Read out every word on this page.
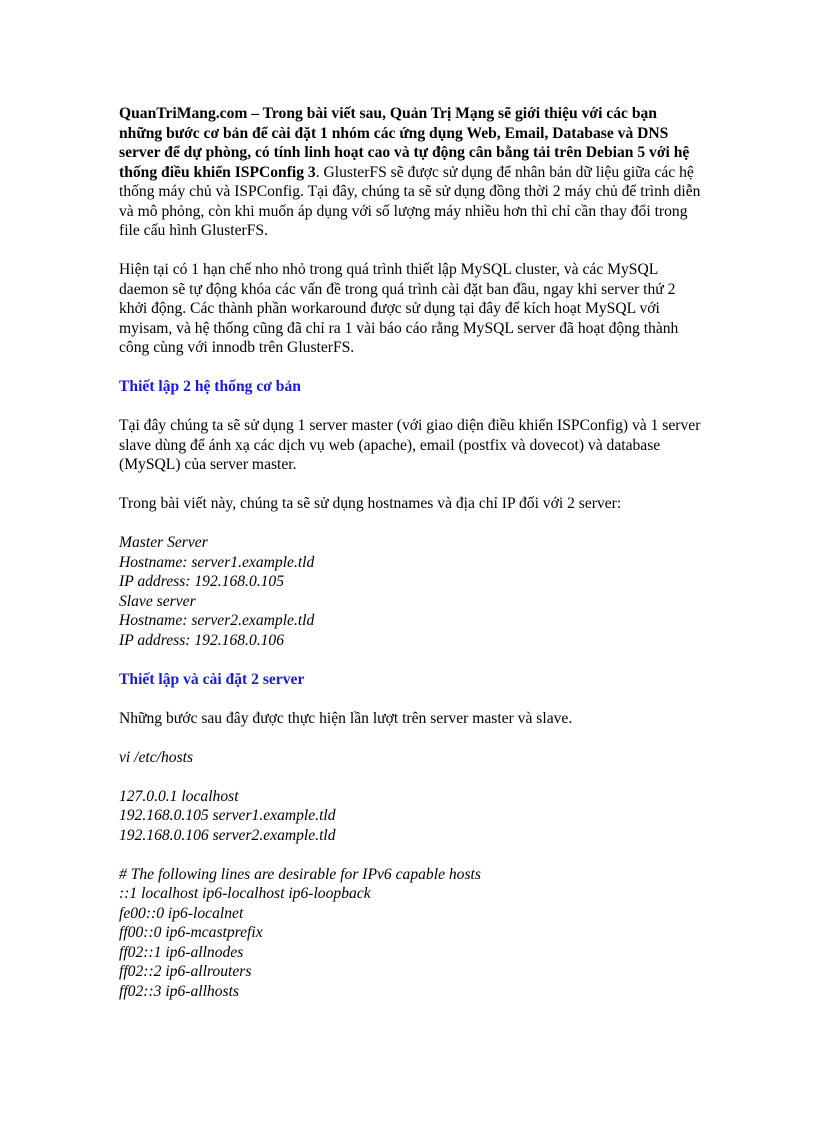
QuanTriMang.com – Trong bài viết sau, Quản Trị Mạng sẽ giới thiệu với các bạn những bước cơ bản để cài đặt 1 nhóm các ứng dụng Web, Email, Database và DNS server để dự phòng, có tính linh hoạt cao và tự động cân bằng tải trên Debian 5 với hệ thống điều khiển ISPConfig 3. GlusterFS sẽ được sử dụng để nhân bản dữ liệu giữa các hệ thống máy chủ và ISPConfig. Tại đây, chúng ta sẽ sử dụng đồng thời 2 máy chủ để trình diễn và mô phỏng, còn khi muốn áp dụng với số lượng máy nhiều hơn thì chỉ cần thay đổi trong file cấu hình GlusterFS.

Hiện tại có 1 hạn chế nho nhỏ trong quá trình thiết lập MySQL cluster, và các MySQL daemon sẽ tự động khóa các vấn đề trong quá trình cài đặt ban đầu, ngay khi server thứ 2 khởi động. Các thành phần workaround được sử dụng tại đây để kích hoạt MySQL với myisam, và hệ thống cũng đã chỉ ra 1 vài báo cáo rằng MySQL server đã hoạt động thành công cùng với innodb trên GlusterFS.

Thiết lập 2 hệ thống cơ bản

Tại đây chúng ta sẽ sử dụng 1 server master (với giao diện điều khiển ISPConfig) và 1 server slave dùng để ánh xạ các dịch vụ web (apache), email (postfix và dovecot) và database (MySQL) của server master.

Trong bài viết này, chúng ta sẽ sử dụng hostnames và địa chỉ IP đối với 2 server:

Master Server
Hostname: server1.example.tld
IP address: 192.168.0.105
Slave server
Hostname: server2.example.tld
IP address: 192.168.0.106

Thiết lập và cài đặt 2 server

Những bước sau đây được thực hiện lần lượt trên server master và slave.

vi /etc/hosts
127.0.0.1 localhost
192.168.0.105 server1.example.tld
192.168.0.106 server2.example.tld
# The following lines are desirable for IPv6 capable hosts
::1 localhost ip6-localhost ip6-loopback
fe00::0 ip6-localnet
ff00::0 ip6-mcastprefix
ff02::1 ip6-allnodes
ff02::2 ip6-allrouters
ff02::3 ip6-allhosts
